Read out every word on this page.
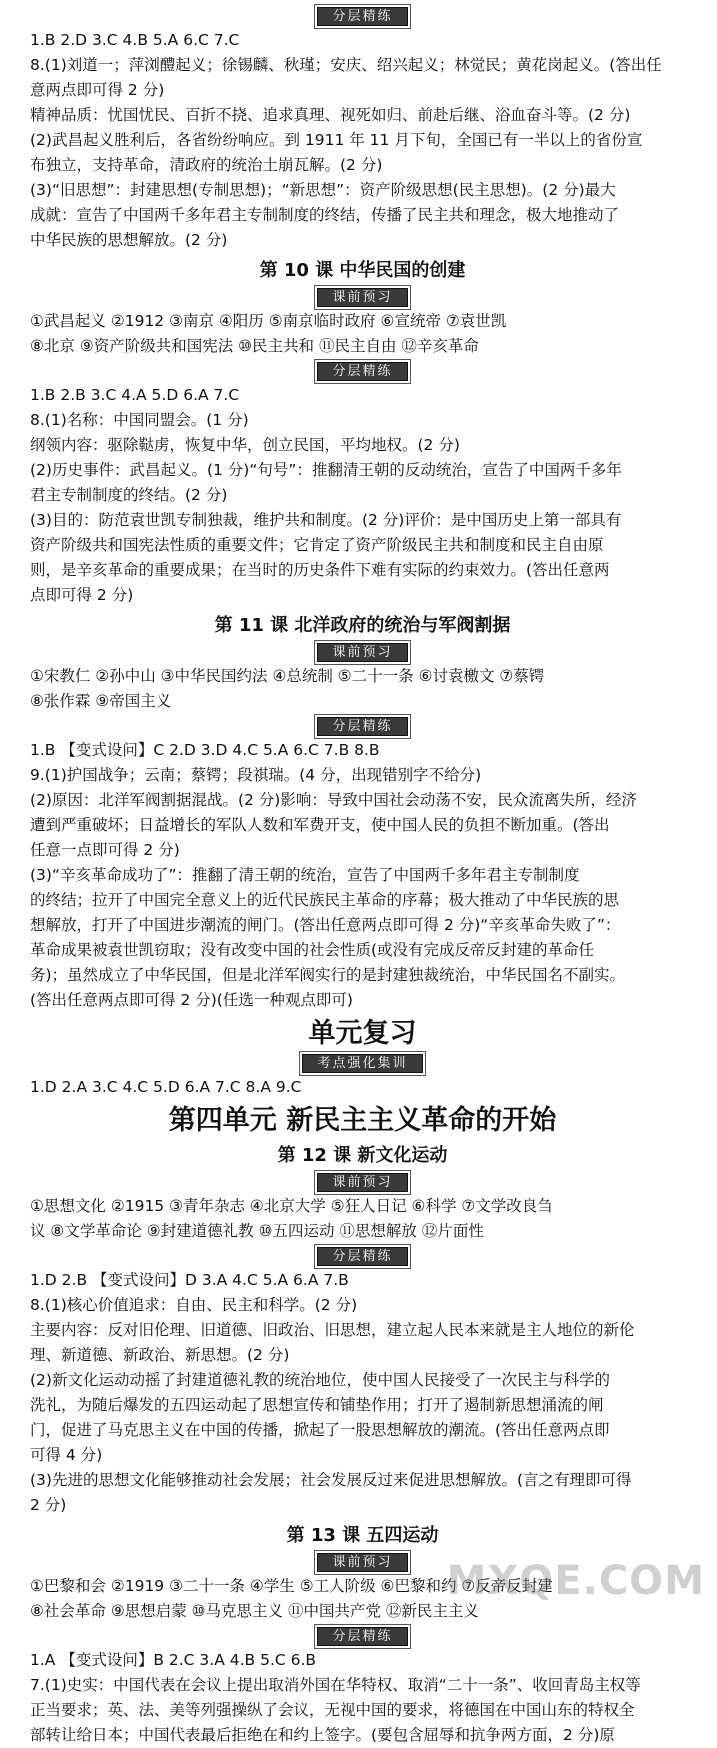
分层精练
1.B 2.D 3.C 4.B 5.A 6.C 7.C
8.(1)刘道一；萍浏醴起义；徐锡麟、秋瑾；安庆、绍兴起义；林觉民；黄花岗起义。(答出任
意两点即可得 2 分)
精神品质：忧国忧民、百折不挠、追求真理、视死如归、前赴后继、浴血奋斗等。(2 分)
(2)武昌起义胜利后，各省纷纷响应。到 1911 年 11 月下旬，全国已有一半以上的省份宣
布独立，支持革命，清政府的统治土崩瓦解。(2 分)
(3)“旧思想”：封建思想(专制思想)；“新思想”：资产阶级思想(民主思想)。(2 分)最大
成就：宣告了中国两千多年君主专制制度的终结，传播了民主共和理念，极大地推动了
中华民族的思想解放。(2 分)
第 10 课 中华民国的创建
课前预习
①武昌起义 ②1912 ③南京 ④阳历 ⑤南京临时政府 ⑥宣统帝 ⑦袁世凯
⑧北京 ⑨资产阶级共和国宪法 ⑩民主共和 ⑪民主自由 ⑫辛亥革命
分层精练
1.B 2.B 3.C 4.A 5.D 6.A 7.C
8.(1)名称：中国同盟会。(1 分)
纲领内容：驱除鞑虏，恢复中华，创立民国，平均地权。(2 分)
(2)历史事件：武昌起义。(1 分)“句号”：推翻清王朝的反动统治，宣告了中国两千多年
君主专制制度的终结。(2 分)
(3)目的：防范袁世凯专制独裁，维护共和制度。(2 分)评价：是中国历史上第一部具有
资产阶级共和国宪法性质的重要文件；它肯定了资产阶级民主共和制度和民主自由原
则，是辛亥革命的重要成果；在当时的历史条件下难有实际的约束效力。(答出任意两
点即可得 2 分)
第 11 课 北洋政府的统治与军阀割据
课前预习
①宋教仁 ②孙中山 ③中华民国约法 ④总统制 ⑤二十一条 ⑥讨袁檄文 ⑦蔡锷
⑧张作霖 ⑨帝国主义
分层精练
1.B 【变式设问】C 2.D 3.D 4.C 5.A 6.C 7.B 8.B
9.(1)护国战争；云南；蔡锷；段祺瑞。(4 分，出现错别字不给分)
(2)原因：北洋军阀割据混战。(2 分)影响：导致中国社会动荡不安，民众流离失所，经济
遭到严重破坏；日益增长的军队人数和军费开支，使中国人民的负担不断加重。(答出
任意一点即可得 2 分)
(3)“辛亥革命成功了”：推翻了清王朝的统治，宣告了中国两千多年君主专制制度
的终结；拉开了中国完全意义上的近代民族民主革命的序幕；极大推动了中华民族的思
想解放，打开了中国进步潮流的闸门。(答出任意两点即可得 2 分)“辛亥革命失败了”：
革命成果被袁世凯窃取；没有改变中国的社会性质(或没有完成反帝反封建的革命任
务)；虽然成立了中华民国，但是北洋军阀实行的是封建独裁统治，中华民国名不副实。
(答出任意两点即可得 2 分)(任选一种观点即可)
单元复习
考点强化集训
1.D 2.A 3.C 4.C 5.D 6.A 7.C 8.A 9.C
第四单元 新民主主义革命的开始
第 12 课 新文化运动
课前预习
①思想文化 ②1915 ③青年杂志 ④北京大学 ⑤狂人日记 ⑥科学 ⑦文学改良刍
议 ⑧文学革命论 ⑨封建道德礼教 ⑩五四运动 ⑪思想解放 ⑫片面性
分层精练
1.D 2.B 【变式设问】D 3.A 4.C 5.A 6.A 7.B
8.(1)核心价值追求：自由、民主和科学。(2 分)
主要内容：反对旧伦理、旧道德、旧政治、旧思想，建立起人民本来就是主人地位的新伦
理、新道德、新政治、新思想。(2 分)
(2)新文化运动动摇了封建道德礼教的统治地位，使中国人民接受了一次民主与科学的
洗礼，为随后爆发的五四运动起了思想宣传和铺垫作用；打开了遏制新思想涌流的闸
门，促进了马克思主义在中国的传播，掀起了一股思想解放的潮流。(答出任意两点即
可得 4 分)
(3)先进的思想文化能够推动社会发展；社会发展反过来促进思想解放。(言之有理即可得
2 分)
第 13 课 五四运动
课前预习
①巴黎和会 ②1919 ③二十一条 ④学生 ⑤工人阶级 ⑥巴黎和约 ⑦反帝反封建
⑧社会革命 ⑨思想启蒙 ⑩马克思主义 ⑪中国共产党 ⑫新民主主义
分层精练
1.A 【变式设问】B 2.C 3.A 4.B 5.C 6.B
7.(1)史实：中国代表在会议上提出取消外国在华特权、取消“二十一条”、收回青岛主权等
正当要求；英、法、美等列强操纵了会议，无视中国的要求，将德国在中国山东的特权全
部转让给日本；中国代表最后拒绝在和约上签字。(要包含屈辱和抗争两方面，2 分)原
MXQE.COM
